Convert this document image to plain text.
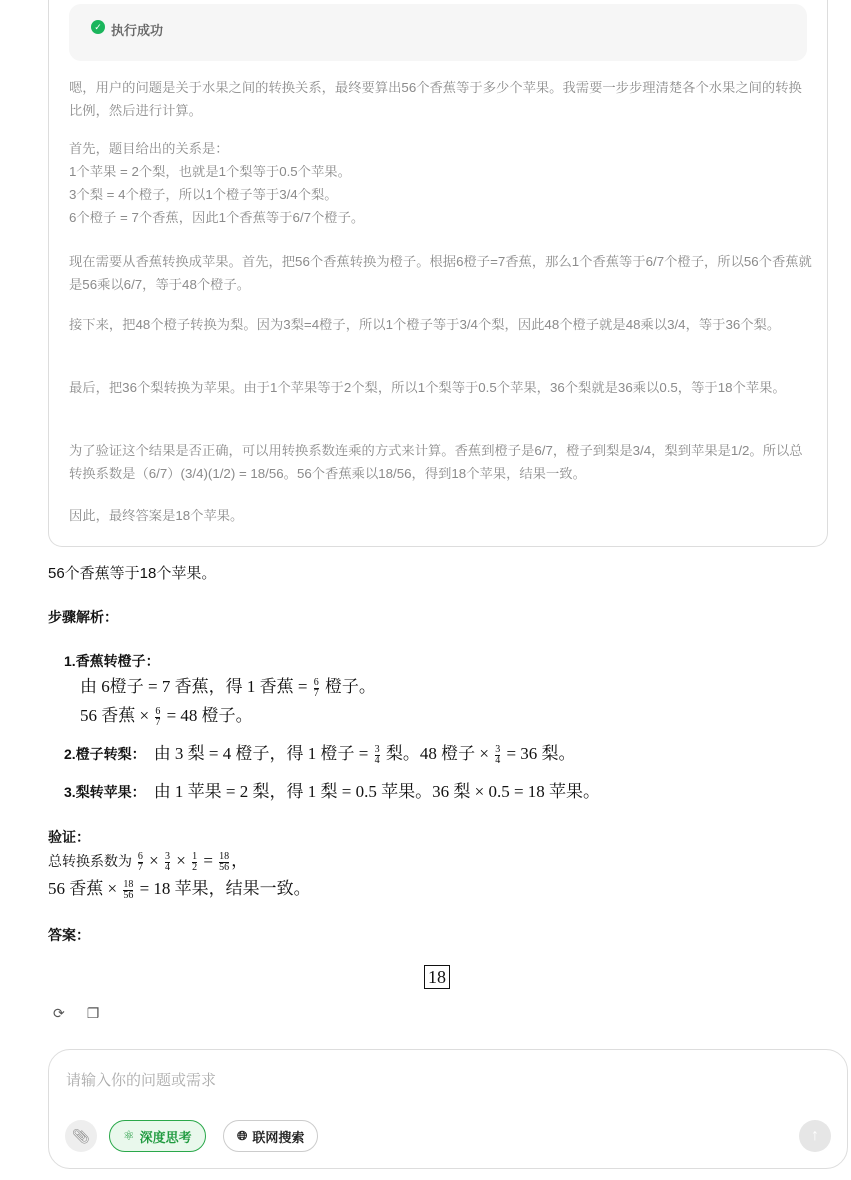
✓ 执行成功
嗯，用户的问题是关于水果之间的转换关系，最终要算出56个香蕉等于多少个苹果。我需要一步步理清楚各个水果之间的转换比例，然后进行计算。
首先，题目给出的关系是：
1个苹果 = 2个梨，也就是1个梨等于0.5个苹果。
3个梨 = 4个橙子，所以1个橙子等于3/4个梨。
6个橙子 = 7个香蕉，因此1个香蕉等于6/7个橙子。
现在需要从香蕉转换成苹果。首先，把56个香蕉转换为橙子。根据6橙子=7香蕉，那么1个香蕉等于6/7个橙子，所以56个香蕉就是56乘以6/7，等于48个橙子。
接下来，把48个橙子转换为梨。因为3梨=4橙子，所以1个橙子等于3/4个梨，因此48个橙子就是48乘以3/4，等于36个梨。
最后，把36个梨转换为苹果。由于1个苹果等于2个梨，所以1个梨等于0.5个苹果，36个梨就是36乘以0.5，等于18个苹果。
为了验证这个结果是否正确，可以用转换系数连乘的方式来计算。香蕉到橙子是6/7，橙子到梨是3/4，梨到苹果是1/2。所以总转换系数是（6/7）(3/4)(1/2) = 18/56。56个香蕉乘以18/56，得到18个苹果，结果一致。
因此，最终答案是18个苹果。
56个香蕉等于18个苹果。
步骤解析：
由 6橙子 = 7 香蕉，得 1 香蕉 = $\frac{6}{7}$ 橙子。
56 香蕉 × $\frac{6}{7} = 48$ 橙子。
1.香蕉转橙子：
2.橙子转梨： 由 3 梨 = 4 橙子，得 1 橙子 = $\frac{3}{4}$ 梨。48 橙子 × $\frac{3}{4} = 36$ 梨。
3.梨转苹果： 由 1 苹果 = 2 梨，得 1 梨 = 0.5 苹果。36 梨 × 0.5 = 18 苹果。
验证：
总转换系数为 $\frac{6}{7} \times \frac{3}{4} \times \frac{1}{2} = \frac{18}{56}$ ，
56 香蕉 × $\frac{18}{56} = 18$ 苹果，结果一致。
答案：
18
⟳ ❐
请输入你的问题或需求
📎︎	⚛ 深度思考	🌐︎ 联网搜索	↑
